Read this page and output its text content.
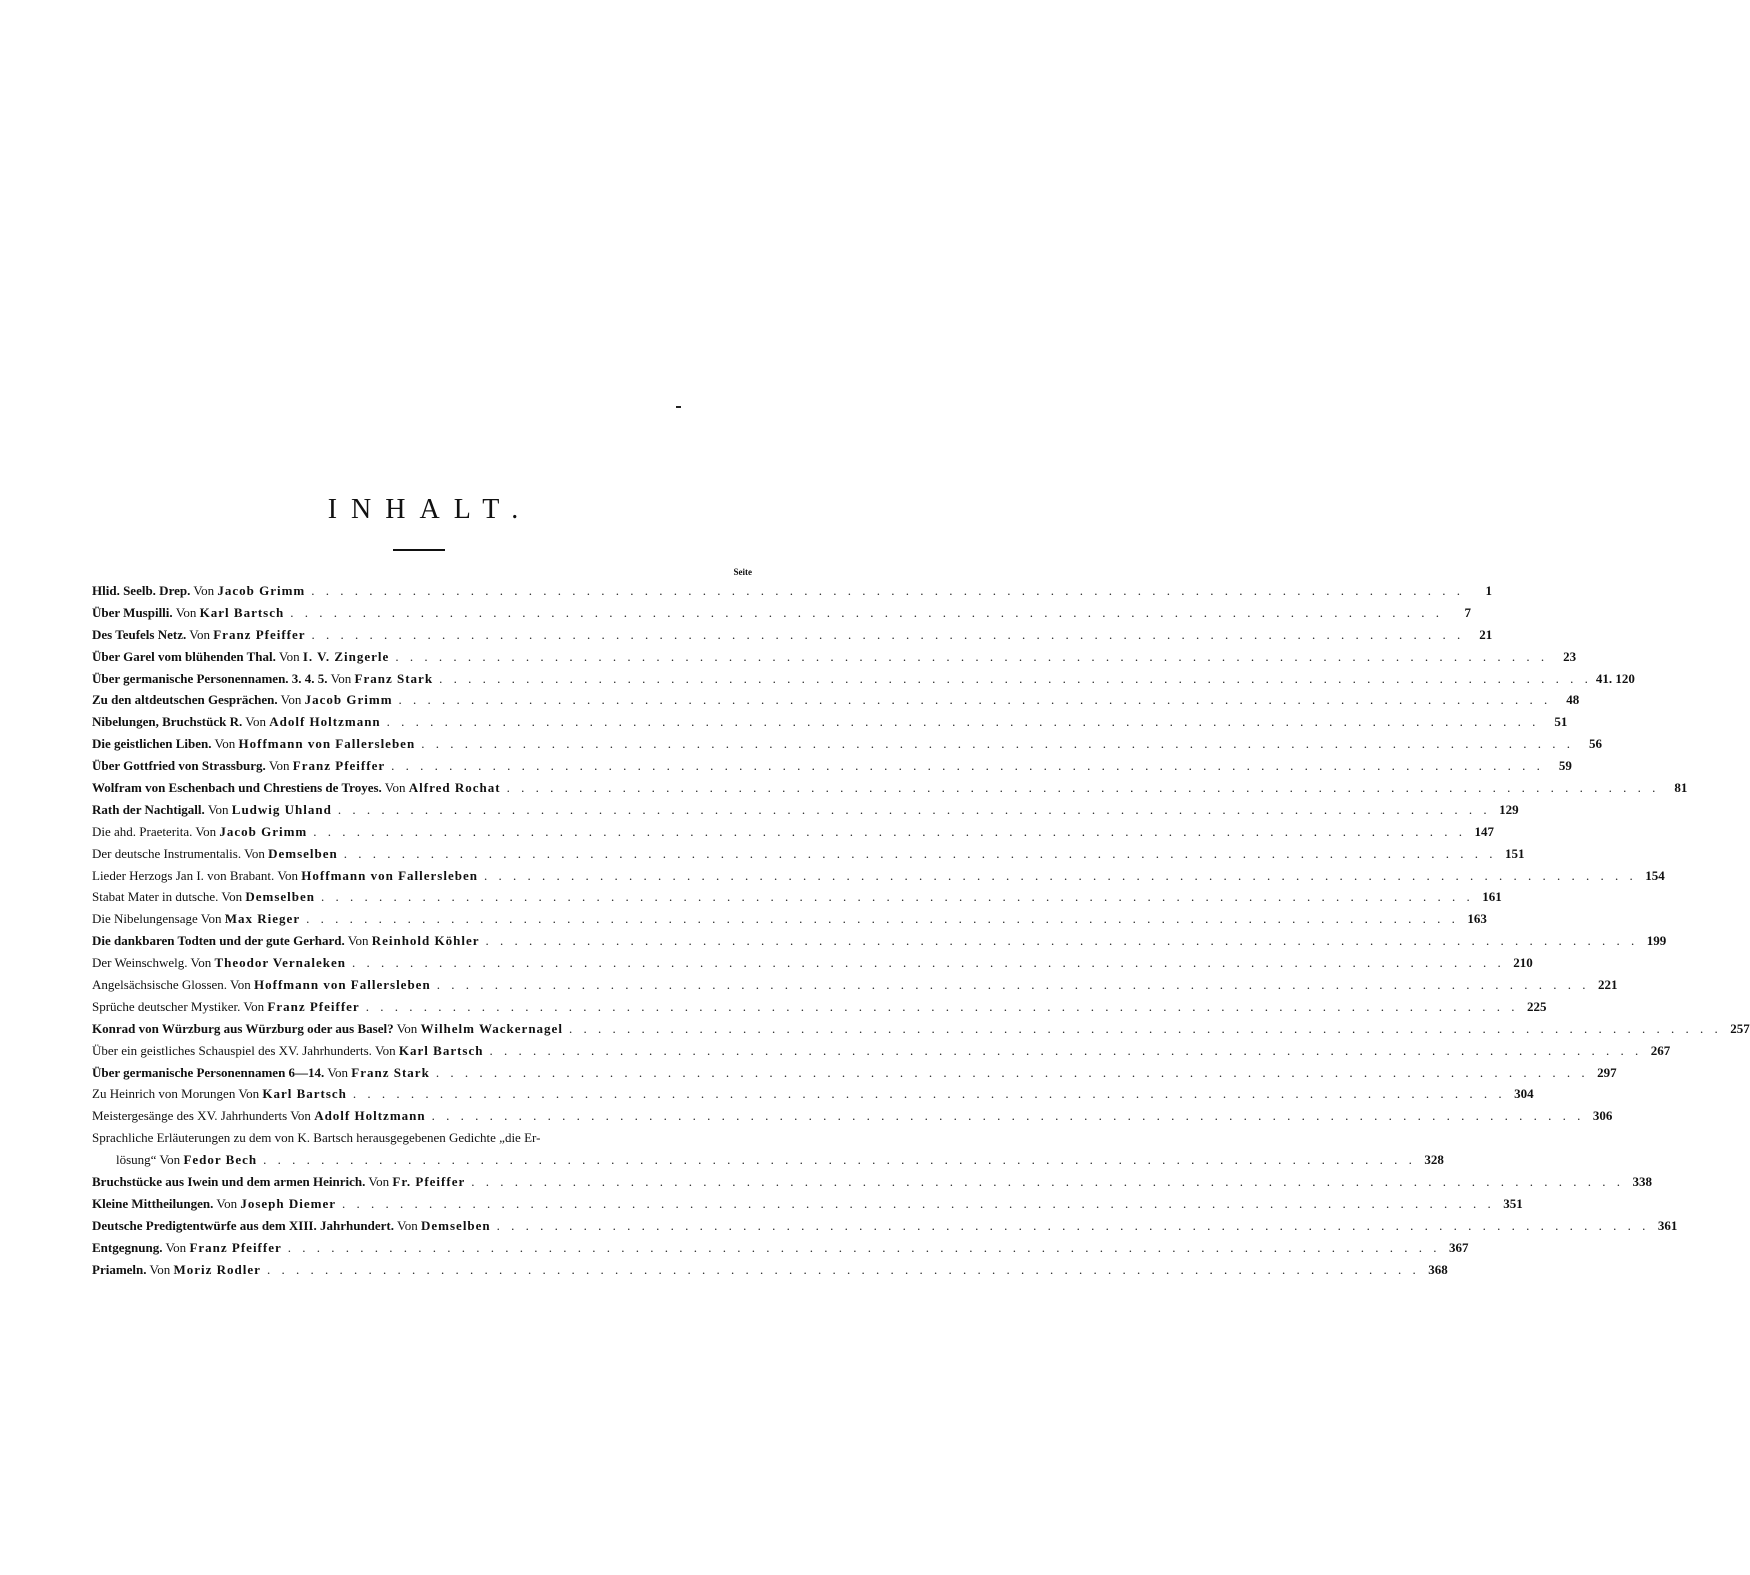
INHALT.
Seite
Hlid. Seelb. Drep. Von Jacob Grimm . . .	1
Über Muspilli. Von Karl Bartsch . . .	7
Des Teufels Netz. Von Franz Pfeiffer . . .	21
Über Garel vom blühenden Thal. Von I. V. Zingerle . . .	23
Über germanische Personennamen. 3. 4. 5. Von Franz Stark . . .	41. 120
Zu den altdeutschen Gesprächen. Von Jacob Grimm . . .	48
Nibelungen, Bruchstück R. Von Adolf Holtzmann . . .	51
Die geistlichen Liben. Von Hoffmann von Fallersleben . . .	56
Über Gottfried von Strassburg. Von Franz Pfeiffer . . .	59
Wolfram von Eschenbach und Chrestiens de Troyes. Von Alfred Rochat . . .	81
Rath der Nachtigall. Von Ludwig Uhland . . .	129
Die ahd. Praeterita. Von Jacob Grimm . . .	147
Der deutsche Instrumentalis. Von Demselben . . .	151
Lieder Herzogs Jan I. von Brabant. Von Hoffmann von Fallersleben . . .	154
Stabat Mater in dutsche. Von Demselben . . .	161
Die Nibelungensage Von Max Rieger . . .	163
Die dankbaren Todten und der gute Gerhard. Von Reinhold Köhler . . .	199
Der Weinschwelg. Von Theodor Vernaleken . . .	210
Angelsächsische Glossen. Von Hoffmann von Fallersleben . . .	221
Sprüche deutscher Mystiker. Von Franz Pfeiffer . . .	225
Konrad von Würzburg aus Würzburg oder aus Basel? Von Wilhelm Wackernagel . . .	257
Über ein geistliches Schauspiel des XV. Jahrhunderts. Von Karl Bartsch . . .	267
Über germanische Personennamen 6—14. Von Franz Stark . . .	297
Zu Heinrich von Morungen Von Karl Bartsch . . .	304
Meistergesänge des XV. Jahrhunderts Von Adolf Holtzmann . . .	306
Sprachliche Erläuterungen zu dem von K. Bartsch herausgegebenen Gedichte „die Er-
lösung“ Von Fedor Bech . . .	328
Bruchstücke aus Iwein und dem armen Heinrich. Von Fr. Pfeiffer . . .	338
Kleine Mittheilungen. Von Joseph Diemer . . .	351
Deutsche Predigtentwürfe aus dem XIII. Jahrhundert. Von Demselben . . .	361
Entgegnung. Von Franz Pfeiffer . . .	367
Priameln. Von Moriz Rodler . . .	368
